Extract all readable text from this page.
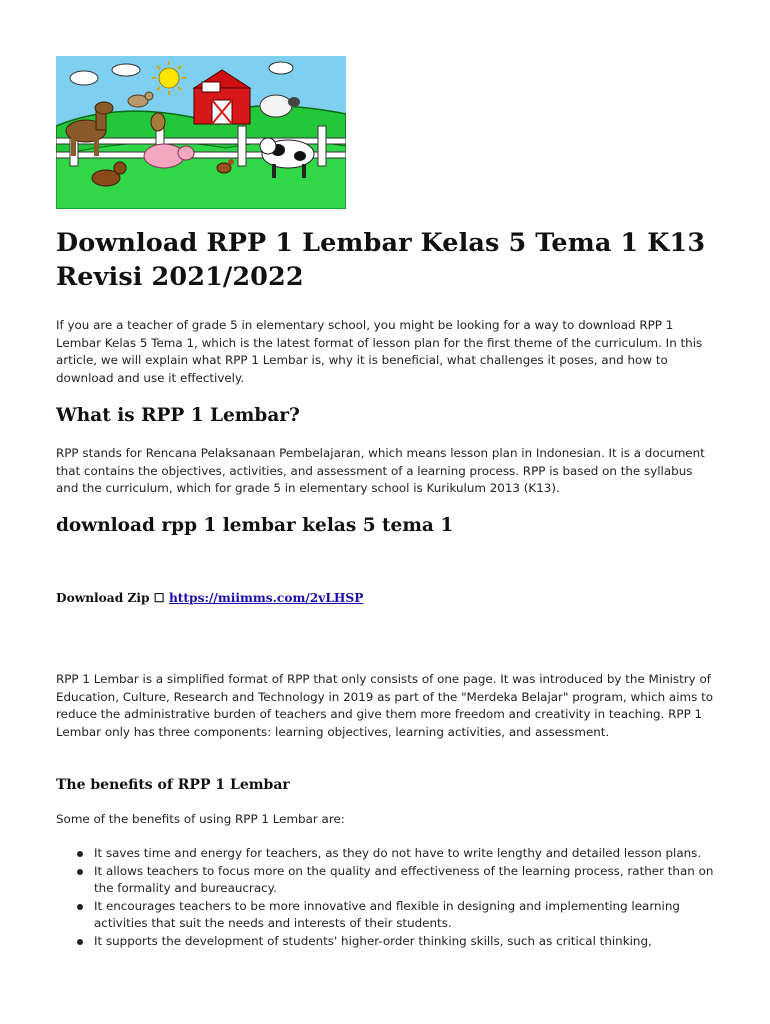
Download RPP 1 Lembar Kelas 5 Tema 1 K13 Revisi 2021/2022

If you are a teacher of grade 5 in elementary school, you might be looking for a way to download RPP 1 Lembar Kelas 5 Tema 1, which is the latest format of lesson plan for the first theme of the curriculum. In this article, we will explain what RPP 1 Lembar is, why it is beneficial, what challenges it poses, and how to download and use it effectively.

What is RPP 1 Lembar?

RPP stands for Rencana Pelaksanaan Pembelajaran, which means lesson plan in Indonesian. It is a document that contains the objectives, activities, and assessment of a learning process. RPP is based on the syllabus and the curriculum, which for grade 5 in elementary school is Kurikulum 2013 (K13).

download rpp 1 lembar kelas 5 tema 1
Download Zip ☐ https://miimms.com/2vLHSP

RPP 1 Lembar is a simplified format of RPP that only consists of one page. It was introduced by the Ministry of Education, Culture, Research and Technology in 2019 as part of the "Merdeka Belajar" program, which aims to reduce the administrative burden of teachers and give them more freedom and creativity in teaching. RPP 1 Lembar only has three components: learning objectives, learning activities, and assessment.

The benefits of RPP 1 Lembar

Some of the benefits of using RPP 1 Lembar are:

It saves time and energy for teachers, as they do not have to write lengthy and detailed lesson plans.
It allows teachers to focus more on the quality and effectiveness of the learning process, rather than on the formality and bureaucracy.
It encourages teachers to be more innovative and flexible in designing and implementing learning activities that suit the needs and interests of their students.
It supports the development of students' higher-order thinking skills, such as critical thinking,
